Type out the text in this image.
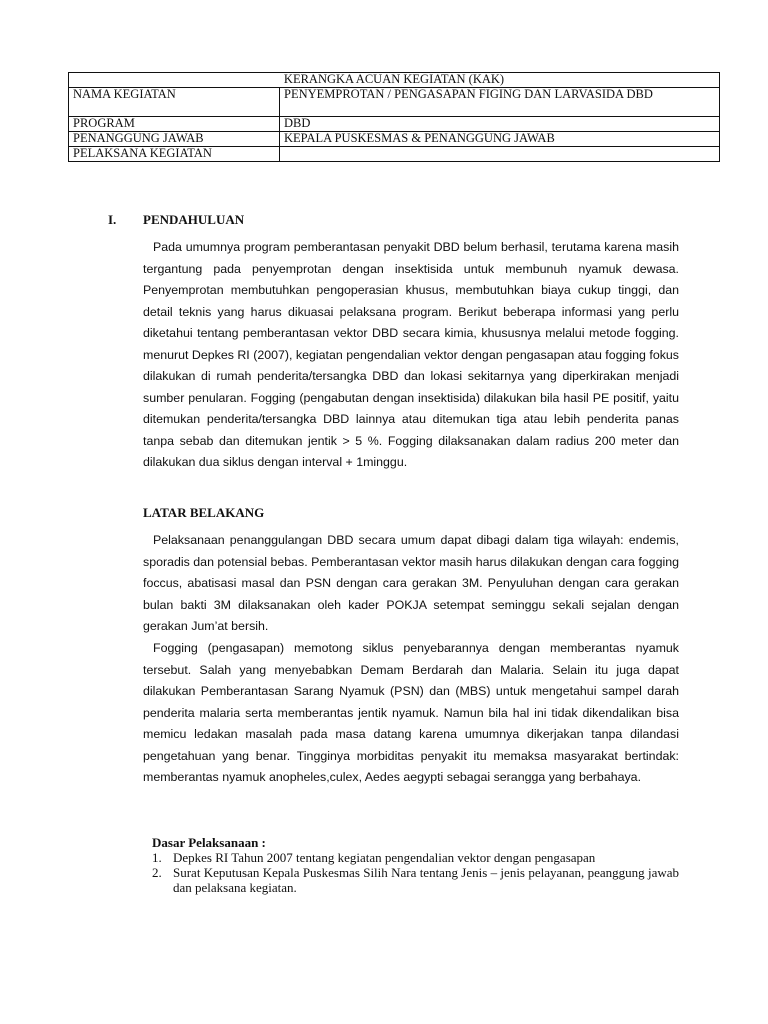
KERANGKA ACUAN KEGIATAN (KAK)	
NAMA KEGIATAN	PENYEMPROTAN / PENGASAPAN FIGING DAN LARVASIDA DBD
PROGRAM	DBD
PENANGGUNG JAWAB	KEPALA PUSKESMAS & PENANGGUNG JAWAB
PELAKSANA KEGIATAN	
I. PENDAHULUAN

Pada umumnya program pemberantasan penyakit DBD belum berhasil, terutama karena masih tergantung pada penyemprotan dengan insektisida untuk membunuh nyamuk dewasa. Penyemprotan membutuhkan pengoperasian khusus, membutuhkan biaya cukup tinggi, dan detail teknis yang harus dikuasai pelaksana program. Berikut beberapa informasi yang perlu diketahui tentang pemberantasan vektor DBD secara kimia, khususnya melalui metode fogging. menurut Depkes RI (2007), kegiatan pengendalian vektor dengan pengasapan atau fogging fokus dilakukan di rumah penderita/tersangka DBD dan lokasi sekitarnya yang diperkirakan menjadi sumber penularan. Fogging (pengabutan dengan insektisida) dilakukan bila hasil PE positif, yaitu ditemukan penderita/tersangka DBD lainnya atau ditemukan tiga atau lebih penderita panas tanpa sebab dan ditemukan jentik > 5 %. Fogging dilaksanakan dalam radius 200 meter dan dilakukan dua siklus dengan interval + 1minggu.

LATAR BELAKANG

Pelaksanaan penanggulangan DBD secara umum dapat dibagi dalam tiga wilayah: endemis, sporadis dan potensial bebas. Pemberantasan vektor masih harus dilakukan dengan cara fogging foccus, abatisasi masal dan PSN dengan cara gerakan 3M. Penyuluhan dengan cara gerakan bulan bakti 3M dilaksanakan oleh kader POKJA setempat seminggu sekali sejalan dengan gerakan Jum’at bersih.

Fogging (pengasapan) memotong siklus penyebarannya dengan memberantas nyamuk tersebut. Salah yang menyebabkan Demam Berdarah dan Malaria. Selain itu juga dapat dilakukan Pemberantasan Sarang Nyamuk (PSN) dan (MBS) untuk mengetahui sampel darah penderita malaria serta memberantas jentik nyamuk. Namun bila hal ini tidak dikendalikan bisa memicu ledakan masalah pada masa datang karena umumnya dikerjakan tanpa dilandasi pengetahuan yang benar. Tingginya morbiditas penyakit itu memaksa masyarakat bertindak: memberantas nyamuk anopheles,culex, Aedes aegypti sebagai serangga yang berbahaya.

Dasar Pelaksanaan :
1. Depkes RI Tahun 2007 tentang kegiatan pengendalian vektor dengan pengasapan
2. Surat Keputusan Kepala Puskesmas Silih Nara tentang Jenis – jenis pelayanan, peanggung jawab dan pelaksana kegiatan.
